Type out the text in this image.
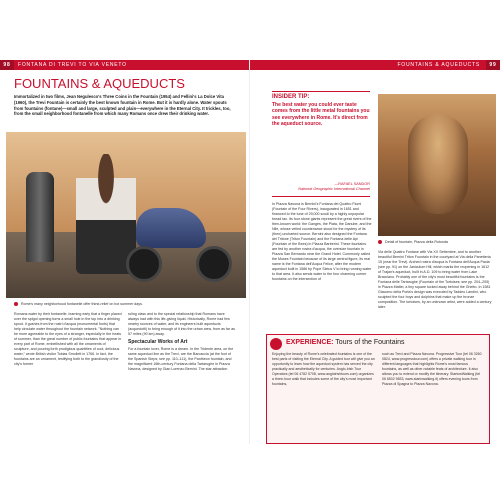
98 FONTANA DI TREVI TO VIA VENETO
FOUNTAINS & AQUEDUCTS

Immortalized in two films, Jean Negulesco's Three Coins in the Fountain (1954) and Fellini's La Dolce Vita (1960), the Trevi Fountain is certainly the best known fountain in Rome. But it is hardly alone. Water spouts from fountains (fontane)—small and large, sculpted and plain—everywhere in the Eternal City. It trickles, too, from the small neighborhood fontanelle from which many Romans once drew their drinking water.

Rome's many neighborhood fontanelle offer thirst-relief on hot summer days.

Romans water by their fontanelle, learning early that a finger placed over the spigot opening turns a small hole in the top into a drinking spout. It gushes from the rostri d'acqua (monumental fonts) that help circulate water throughout the fountain network. "Nothing can be more agreeable to the eyes of a stranger, especially in the heats of summer, than the great number of public fountains that appear in every part of Rome, embellished with all the ornaments of sculpture, and pouring forth prodigious quantities of cool, delicious water," wrote British visitor Tobias Smollett in 1766. In fact, the fountains are an ornament, testifying both to the grandiosity of the city's former

ruling class and to the special relationship that Romans have always had with this life-giving liquid. Historically, Rome had few nearby sources of water, and its engineers built aqueducts (acquedotti) to bring enough of it into the urban area, from as far as 57 miles (90 km) away.

Spectacular Works of Art

For a fountain lover, Rome is a dream. In the Tridente area, on the same aqueduct line as the Trevi, are the Barcaccia (at the foot of the Spanish Steps; see pp. 110–111), the Pantheon fountain, and the magnificent 16th-century Fontana della Tartarughe in Piazza Navona, designed by Gian Lorenzo Bernini. The star attraction

FOUNTAINS & AQUEDUCTS	99
INSIDER TIP:

The best water you could ever taste comes from the little metal fountains you see everywhere in Rome. It's direct from the aqueduct source.

—RAFAEL SANDOR
National Geographic International Channel
Detail of fountain, Piazza della Rotonda

In Piazza Navona is Bernini's Fontana dei Quattro Fiumi (Fountain of the Four Rivers), inaugurated in 1651 and financed to the tune of 29,000 scudi by a highly unpopular bread tax. Its four stone giants represent the great rivers of the then-known world: the Ganges, the Plata, the Danube, and the Nile, whose veiled countenance stood for the mystery of its (then) uncharted source. Bernini also designed the Fontana del Tritone (Triton Fountain) and the Fontana delle Api (Fountain of the Bees) in Piazza Barberini. These fountains are fed by another rostra d'acqua, the oversize fountain in Piazza San Bernardo near the Grand Hotel. Commonly called the Moses Fountain because of its large central figure, its real name is the Fontana dell'Acqua Felice, after the modern aqueduct built in 1586 by Pope Sixtus V to bring running water to that area. It also sends water to the four charming corner fountains on the intersection of

Via delle Quattro Fontane with Via XX Settembre, and to another beautiful Bernini Triton Fountain in the courtyard at Via della Panetteria 15 (near the Trevi). Arched rostra d'acqua is Fontana dell'Acqua Paola (see pp. 91) on the Janiculum Hill, which marks the reopening in 1612 of Trajan's aqueduct, built in A.D. 109 to bring water from Lake Bracciano. Probably one of the city's most beautiful fountains is the Fontana delle Tartarughe (Fountain of the Tortoises; see pp. 204–205) in Piazza Mattei, a tiny square tucked away behind the Ghetto. In 1581 Giacomo della Porta's design was executed by Taddeo Landini, who sculpted the four boys and dolphins that make up the bronze composition. The tortoises, by an unknown artist, were added a century later.

EXPERIENCE: Tours of the Fountains

Enjoying the beauty of Rome's celebrated fountains is one of the best parts of visiting the Eternal City. A guided tour will give you an opportunity to learn how the aqueduct system has served the city practically and aesthetically for centuries. Anglo-Irish Tour Operators (tel 06 4782 5708, www.angloirishtours.com) organizes a three-hour walk that includes some of the city's most important fountains,

such as Trevi and Piazza Navona. Progressive Tour (tel 06 3260 0824, www.progresstour.com) offers a private walking tour in different languages that highlights Rome's most famous fountains, as well as other notable feats of architecture. It also allows you to extend or modify the itinerary. StartowWalking (tel 06 6502 9833, www.startowalking.it) offers evening tours from Piazza di Spagna to Piazza Navona.
